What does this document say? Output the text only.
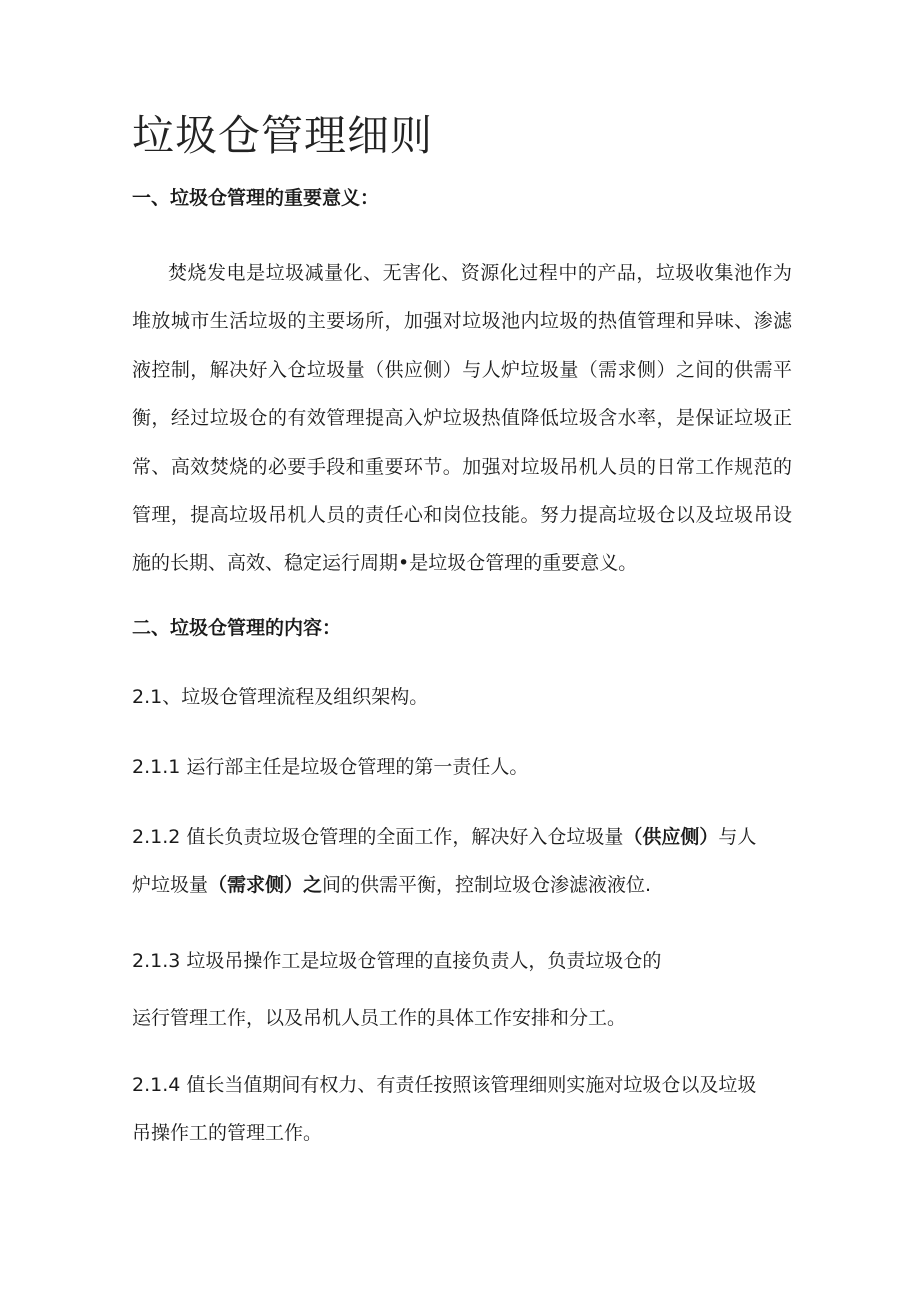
垃圾仓管理细则
一、垃圾仓管理的重要意义：

焚烧发电是垃圾减量化、无害化、资源化过程中的产品，垃圾收集池作为堆放城市生活垃圾的主要场所，加强对垃圾池内垃圾的热值管理和异味、渗滤液控制，解决好入仓垃圾量（供应侧）与人炉垃圾量（需求侧）之间的供需平衡，经过垃圾仓的有效管理提高入炉垃圾热值降低垃圾含水率，是保证垃圾正常、高效焚烧的必要手段和重要环节。加强对垃圾吊机人员的日常工作规范的管理，提高垃圾吊机人员的责任心和岗位技能。努力提高垃圾仓以及垃圾吊设施的长期、高效、稳定运行周期•是垃圾仓管理的重要意义。

二、垃圾仓管理的内容：

2.1、垃圾仓管理流程及组织架构。

2.1.1 运行部主任是垃圾仓管理的第一责任人。

2.1.2 值长负责垃圾仓管理的全面工作，解决好入仓垃圾量（供应侧）与人
炉垃圾量（需求侧）之间的供需平衡，控制垃圾仓渗滤液液位.

2.1.3 垃圾吊操作工是垃圾仓管理的直接负责人，负责垃圾仓的

运行管理工作，以及吊机人员工作的具体工作安排和分工。

2.1.4 值长当值期间有权力、有责任按照该管理细则实施对垃圾仓以及垃圾
吊操作工的管理工作。
